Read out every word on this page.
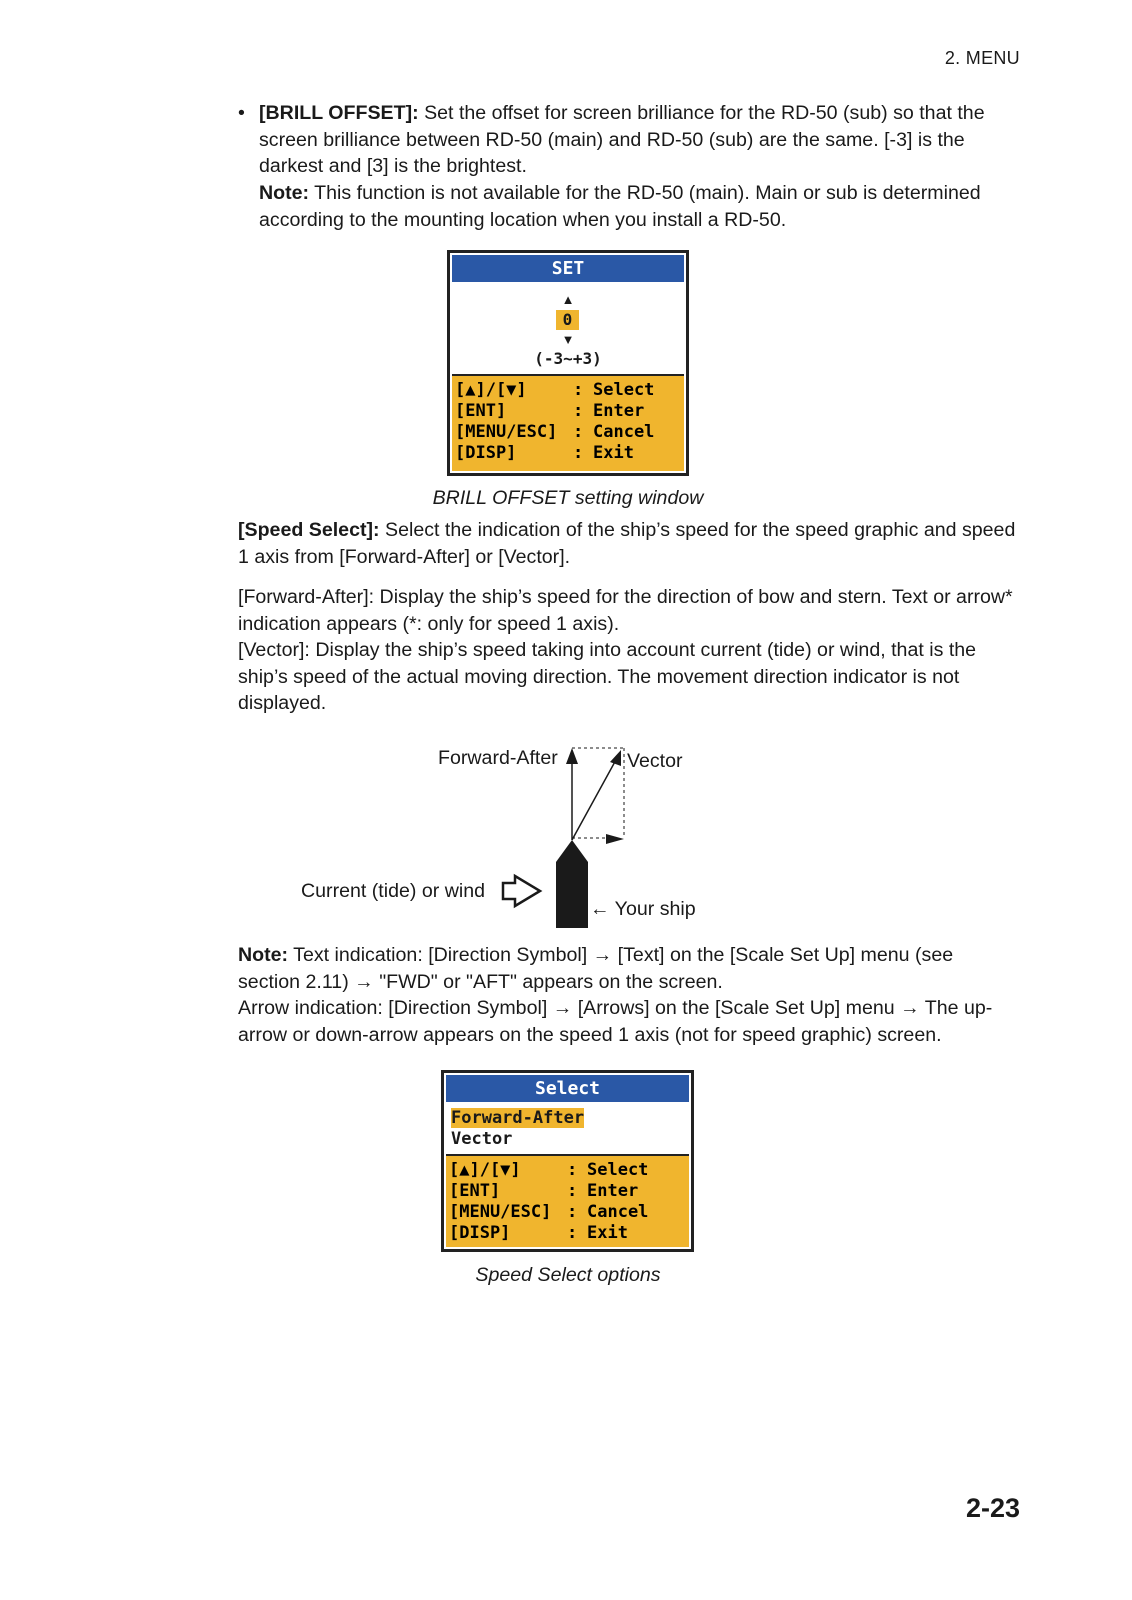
2. MENU
• [BRILL OFFSET]: Set the offset for screen brilliance for the RD-50 (sub) so that the screen brilliance between RD-50 (main) and RD-50 (sub) are the same. [-3] is the darkest and [3] is the brightest.

Note: This function is not available for the RD-50 (main). Main or sub is determined according to the mounting location when you install a RD-50.

SET
▲
0
▼
(-3~+3)
[▲]/[▼]	: Select
[ENT]	: Enter
[MENU/ESC] : Cancel
[DISP]	: Exit
BRILL OFFSET setting window

[Speed Select]: Select the indication of the ship’s speed for the speed graphic and speed 1 axis from [Forward-After] or [Vector].

[Forward-After]: Display the ship’s speed for the direction of bow and stern. Text or arrow* indication appears (*: only for speed 1 axis).

[Vector]: Display the ship’s speed taking into account current (tide) or wind, that is the ship’s speed of the actual moving direction. The movement direction indicator is not displayed.

Forward-After	Vector
Current (tide) or wind
← Your ship

Note: Text indication: [Direction Symbol] → [Text] on the [Scale Set Up] menu (see section 2.11) → "FWD" or "AFT" appears on the screen.

Arrow indication: [Direction Symbol] → [Arrows] on the [Scale Set Up] menu → The up-arrow or down-arrow appears on the speed 1 axis (not for speed graphic) screen.

Select
Forward-After
Vector
[▲]/[▼]	: Select
[ENT]	: Enter
[MENU/ESC] : Cancel
[DISP]	: Exit
Speed Select options
2-23
